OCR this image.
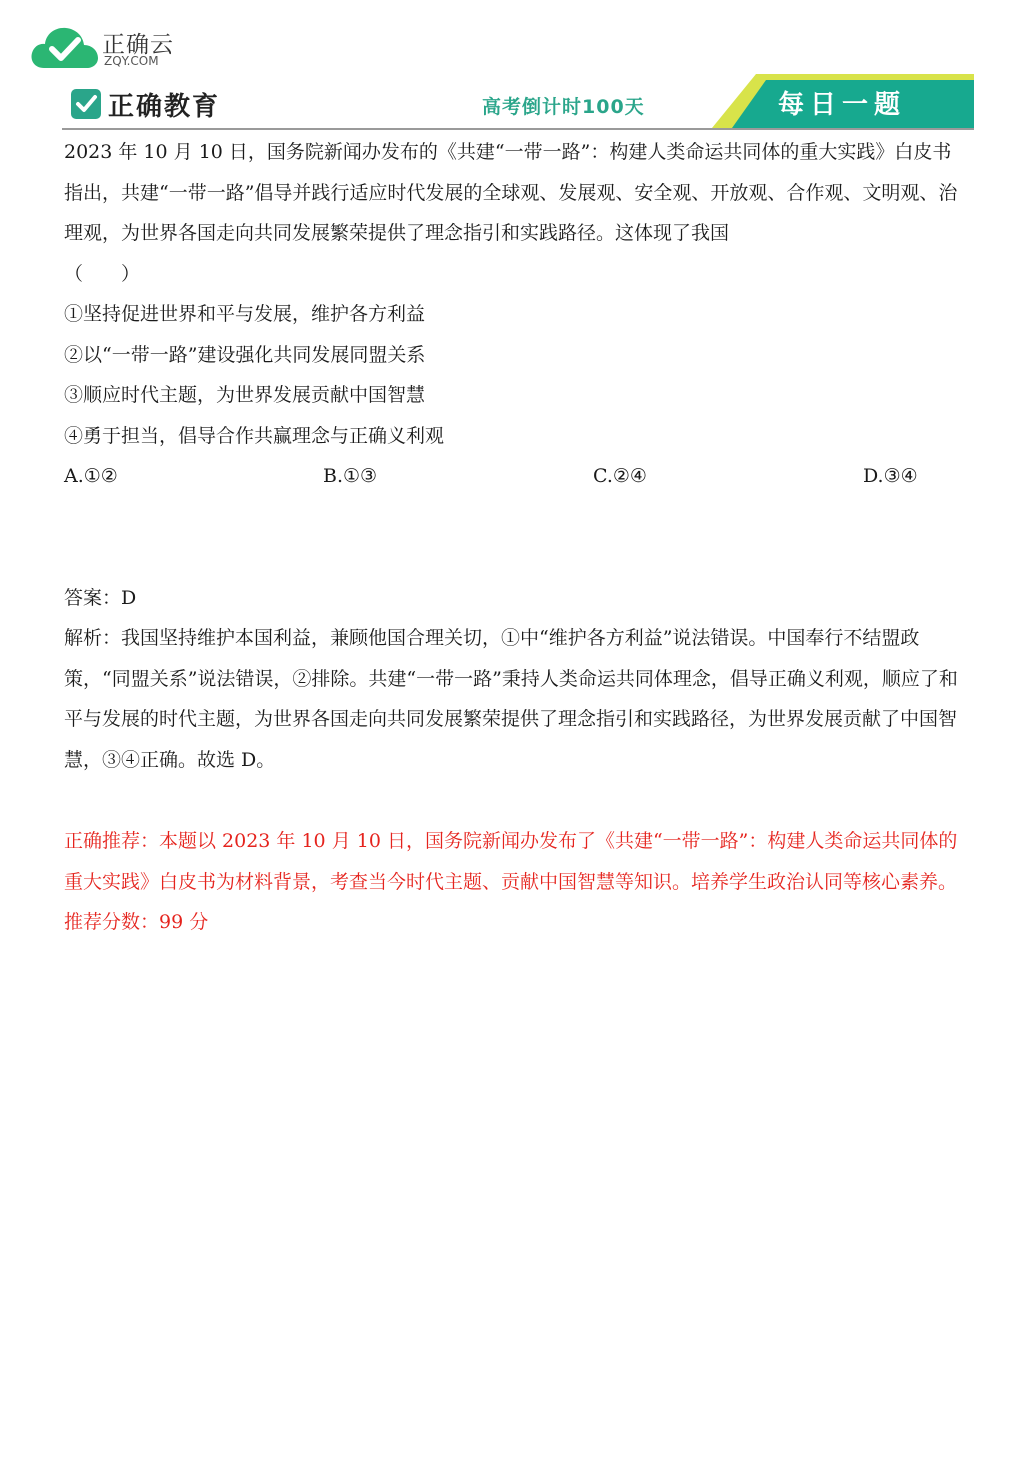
正确云
ZQY.COM
正确教育	高考倒计时100天	每日一题

2023 年 10 月 10 日，国务院新闻办发布的《共建“一带一路”：构建人类命运共同体的重大实践》白皮书指出，共建“一带一路”倡导并践行适应时代发展的全球观、发展观、安全观、开放观、合作观、文明观、治理观，为世界各国走向共同发展繁荣提供了理念指引和实践路径。这体现了我国

（　　）

①坚持促进世界和平与发展，维护各方利益

②以“一带一路”建设强化共同发展同盟关系

③顺应时代主题，为世界发展贡献中国智慧

④勇于担当，倡导合作共赢理念与正确义利观

A.①②	B.①③	C.②④	D.③④

答案：D

解析：我国坚持维护本国利益，兼顾他国合理关切，①中“维护各方利益”说法错误。中国奉行不结盟政策，“同盟关系”说法错误，②排除。共建“一带一路”秉持人类命运共同体理念，倡导正确义利观，顺应了和平与发展的时代主题，为世界各国走向共同发展繁荣提供了理念指引和实践路径，为世界发展贡献了中国智慧，③④正确。故选 D。

正确推荐：本题以 2023 年 10 月 10 日，国务院新闻办发布了《共建“一带一路”：构建人类命运共同体的重大实践》白皮书为材料背景，考查当今时代主题、贡献中国智慧等知识。培养学生政治认同等核心素养。

推荐分数：99 分
